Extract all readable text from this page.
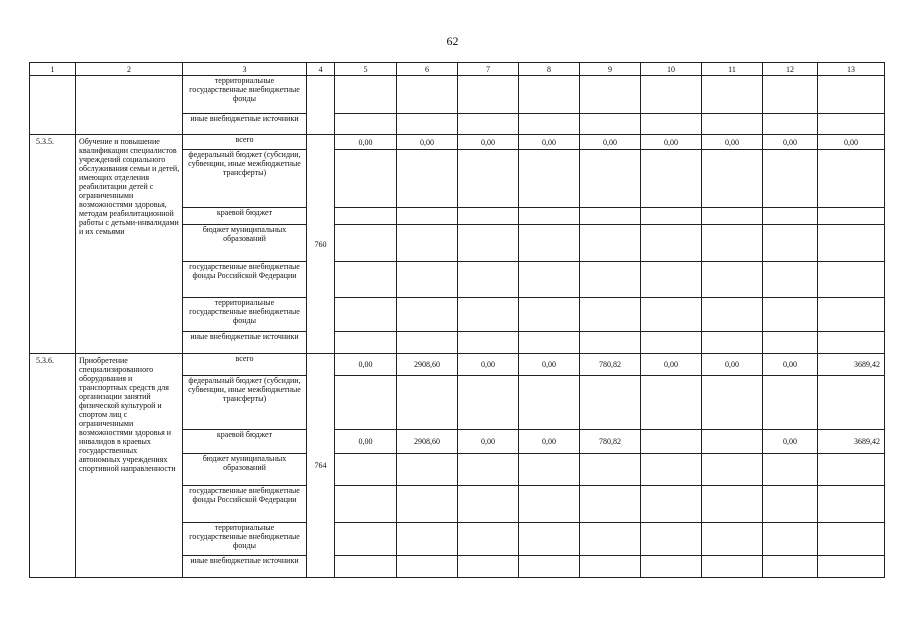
62
1	2	3	4	5	6	7	8	9	10	11	12	13
		территориальные государственные внебюджетные фонды										
		иные внебюджетные источники										
5.3.5.	Обучение и повышение квалификации специалистов учреждений социального обслуживания семьи и детей, имеющих отделения реабилитации детей с ограниченными возможностями здоровья, методам реабилитационной работы с детьми-инвалидами и их семьями	всего	760	0,00	0,00	0,00	0,00	0,00	0,00	0,00	0,00	0,00
		федеральный бюджет (субсидии, субвенции, иные межбюджетные трансферты)										
		краевой бюджет										
		бюджет муниципальных образований										
		государственные внебюджетные фонды Российской Федерации										
		территориальные государственные внебюджетные фонды										
		иные внебюджетные источники										
5.3.6.	Приобретение специализированного оборудования и транспортных средств для организации занятий физической культурой и спортом лиц с ограниченными возможностями здоровья и инвалидов в краевых государственных автономных учреждениях спортивной направленности	всего	764	0,00	2908,60	0,00	0,00	780,82	0,00	0,00	0,00	3689,42
		федеральный бюджет (субсидии, субвенции, иные межбюджетные трансферты)										
		краевой бюджет		0,00	2908,60	0,00	0,00	780,82			0,00	3689,42
		бюджет муниципальных образований										
		государственные внебюджетные фонды Российской Федерации										
		территориальные государственные внебюджетные фонды										
		иные внебюджетные источники										
